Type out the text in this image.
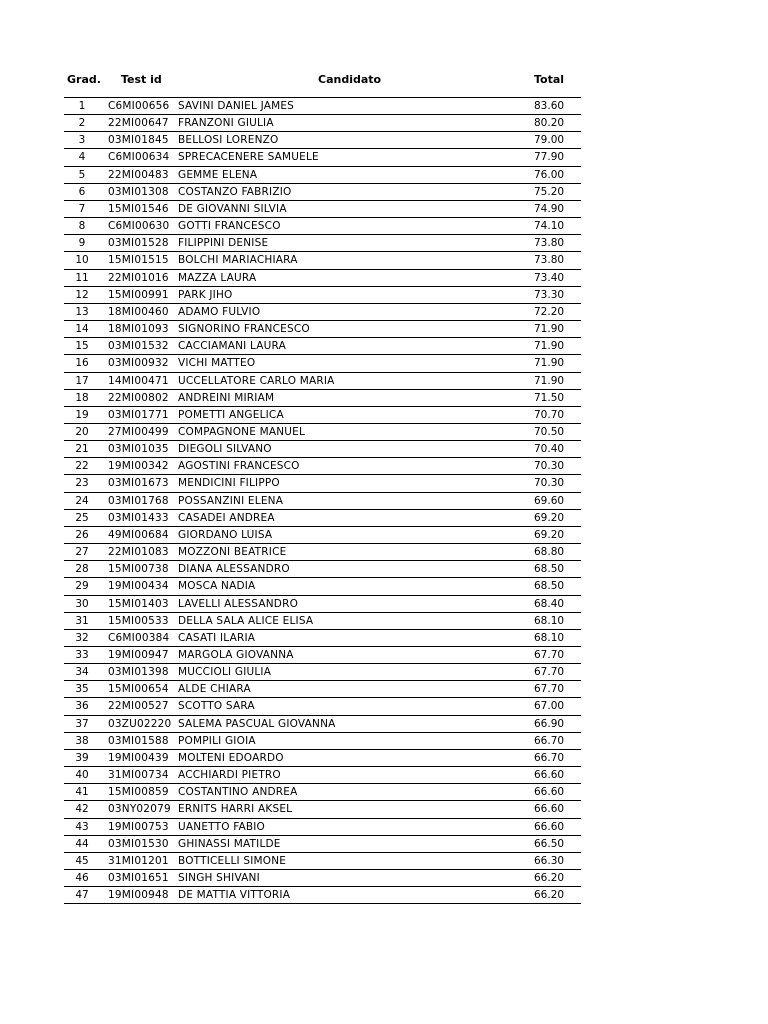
Grad. Test id	Candidato	Total
1	C6MI00656 SAVINI DANIEL JAMES	83.60
2	22MI00647 FRANZONI GIULIA	80.20
3	03MI01845 BELLOSI LORENZO	79.00
4	C6MI00634 SPRECACENERE SAMUELE	77.90
5	22MI00483 GEMME ELENA	76.00
6	03MI01308 COSTANZO FABRIZIO	75.20
7	15MI01546 DE GIOVANNI SILVIA	74.90
8	C6MI00630 GOTTI FRANCESCO	74.10
9	03MI01528 FILIPPINI DENISE	73.80
10	15MI01515 BOLCHI MARIACHIARA	73.80
11	22MI01016 MAZZA LAURA	73.40
12	15MI00991 PARK JIHO	73.30
13	18MI00460 ADAMO FULVIO	72.20
14	18MI01093 SIGNORINO FRANCESCO	71.90
15	03MI01532 CACCIAMANI LAURA	71.90
16	03MI00932 VICHI MATTEO	71.90
17	14MI00471 UCCELLATORE CARLO MARIA	71.90
18	22MI00802 ANDREINI MIRIAM	71.50
19	03MI01771 POMETTI ANGELICA	70.70
20	27MI00499 COMPAGNONE MANUEL	70.50
21	03MI01035 DIEGOLI SILVANO	70.40
22	19MI00342 AGOSTINI FRANCESCO	70.30
23	03MI01673 MENDICINI FILIPPO	70.30
24	03MI01768 POSSANZINI ELENA	69.60
25	03MI01433 CASADEI ANDREA	69.20
26	49MI00684 GIORDANO LUISA	69.20
27	22MI01083 MOZZONI BEATRICE	68.80
28	15MI00738 DIANA ALESSANDRO	68.50
29	19MI00434 MOSCA NADIA	68.50
30	15MI01403 LAVELLI ALESSANDRO	68.40
31	15MI00533 DELLA SALA ALICE ELISA	68.10
32	C6MI00384 CASATI ILARIA	68.10
33	19MI00947 MARGOLA GIOVANNA	67.70
34	03MI01398 MUCCIOLI GIULIA	67.70
35	15MI00654 ALDE CHIARA	67.70
36	22MI00527 SCOTTO SARA	67.00
37	03ZU02220 SALEMA PASCUAL GIOVANNA	66.90
38	03MI01588 POMPILI GIOIA	66.70
39	19MI00439 MOLTENI EDOARDO	66.70
40	31MI00734 ACCHIARDI PIETRO	66.60
41	15MI00859 COSTANTINO ANDREA	66.60
42	03NY02079 ERNITS HARRI AKSEL	66.60
43	19MI00753 UANETTO FABIO	66.60
44	03MI01530 GHINASSI MATILDE	66.50
45	31MI01201 BOTTICELLI SIMONE	66.30
46	03MI01651 SINGH SHIVANI	66.20
47	19MI00948 DE MATTIA VITTORIA	66.20
